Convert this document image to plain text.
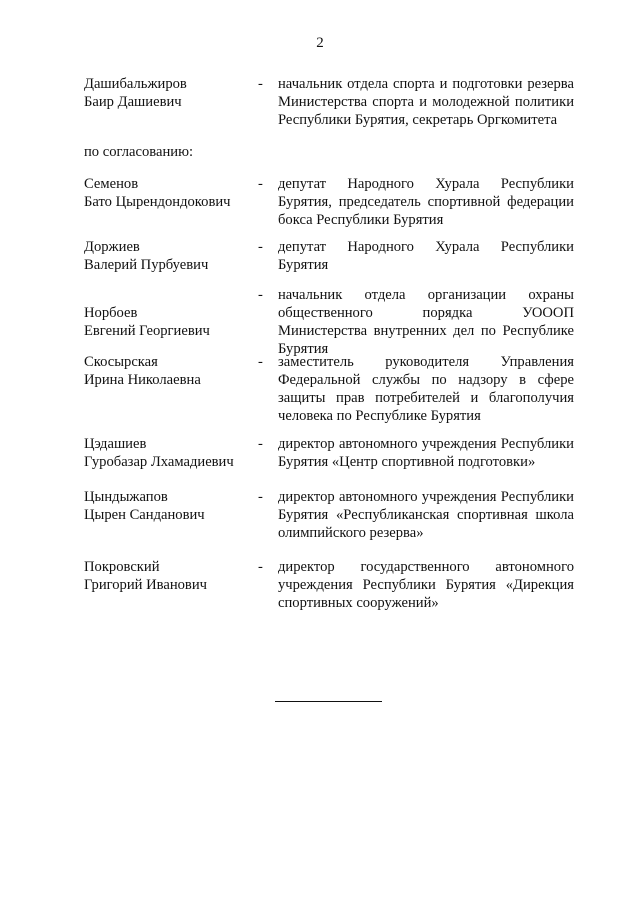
2
Дашибальжиров
Баир Дашиевич
- начальник отдела спорта и подготовки резерва Министерства спорта и молодежной политики Республики Бурятия, секретарь Оргкомитета
по согласованию:
Семенов
Бато Цырендондокович
- депутат Народного Хурала Республики Бурятия, председатель спортивной федерации бокса Республики Бурятия
Доржиев
Валерий Пурбуевич
- депутат Народного Хурала Республики Бурятия
Норбоев
Евгений Георгиевич
- начальник отдела организации охраны общественного порядка УОООП Министерства внутренних дел по Республике Бурятия
Скосырская
Ирина Николаевна
- заместитель руководителя Управления Федеральной службы по надзору в сфере защиты прав потребителей и благополучия человека по Республике Бурятия
Цэдашиев
Гуробазар Лхамадиевич
- директор автономного учреждения Республики Бурятия «Центр спортивной подготовки»
Цындыжапов
Цырен Санданович
- директор автономного учреждения Республики Бурятия «Республиканская спортивная школа олимпийского резерва»
Покровский
Григорий Иванович
- директор государственного автономного учреждения Республики Бурятия «Дирекция спортивных сооружений»
